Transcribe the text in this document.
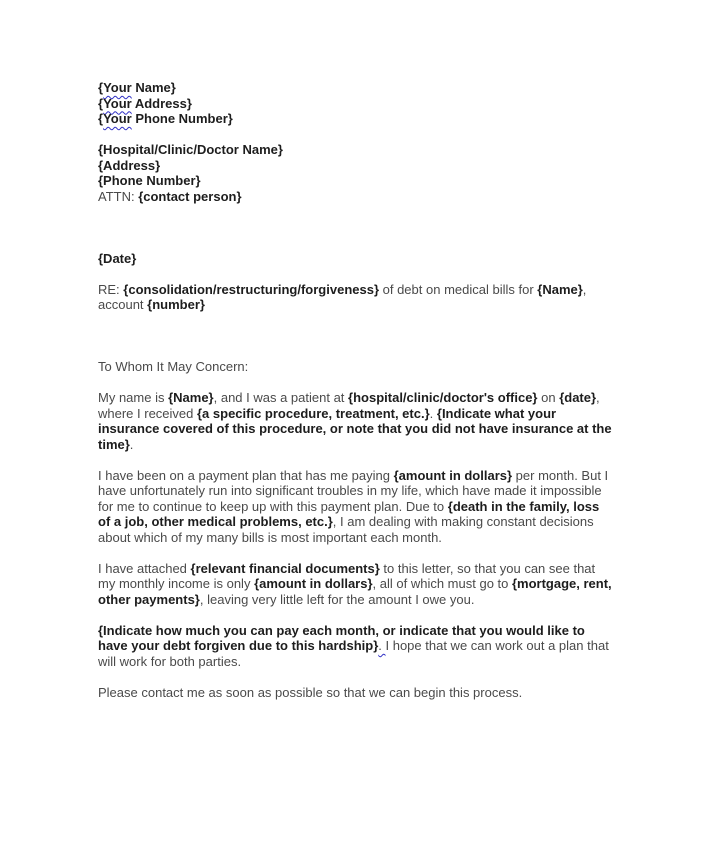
{Your Name}

{Your Address}

{Your Phone Number}

{Hospital/Clinic/Doctor Name}

{Address}

{Phone Number}

ATTN: {contact person}

{Date}

RE: {consolidation/restructuring/forgiveness} of debt on medical bills for {Name}, account {number}

To Whom It May Concern:

My name is {Name}, and I was a patient at {hospital/clinic/doctor's office} on {date}, where I received {a specific procedure, treatment, etc.}. {Indicate what your insurance covered of this procedure, or note that you did not have insurance at the time}.

I have been on a payment plan that has me paying {amount in dollars} per month. But I have unfortunately run into significant troubles in my life, which have made it impossible for me to continue to keep up with this payment plan. Due to {death in the family, loss of a job, other medical problems, etc.}, I am dealing with making constant decisions about which of my many bills is most important each month.

I have attached {relevant financial documents} to this letter, so that you can see that my monthly income is only {amount in dollars}, all of which must go to {mortgage, rent, other payments}, leaving very little left for the amount I owe you.

{Indicate how much you can pay each month, or indicate that you would like to have your debt forgiven due to this hardship}. I hope that we can work out a plan that will work for both parties.

Please contact me as soon as possible so that we can begin this process.
